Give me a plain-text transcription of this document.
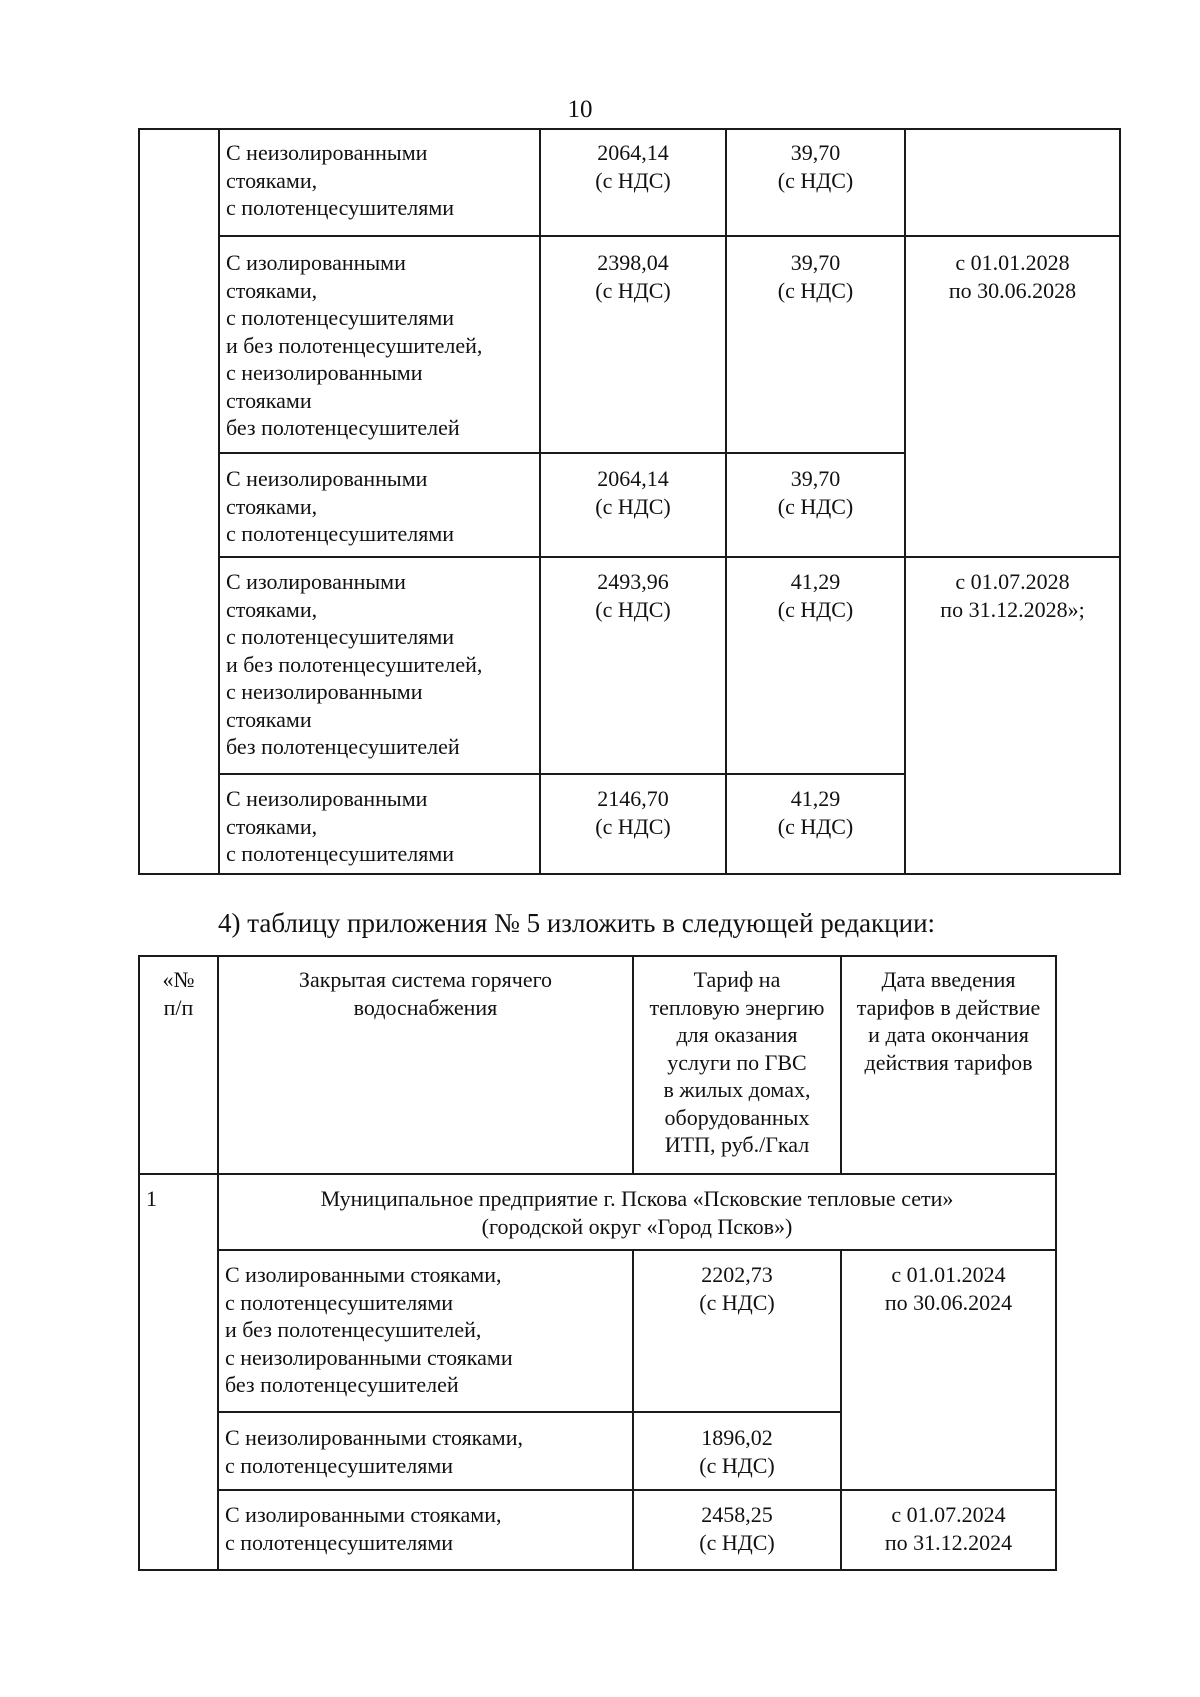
10
С неизолированными
стояками,
с полотенцесушителями
2064,14
(с НДС)
39,70
(с НДС)
С изолированными
стояками,
с полотенцесушителями
и без полотенцесушителей,
с неизолированными
стояками
без полотенцесушителей
2398,04
(с НДС)
39,70
(с НДС)
с 01.01.2028
по 30.06.2028
С неизолированными
стояками,
с полотенцесушителями
2064,14
(с НДС)
39,70
(с НДС)
С изолированными
стояками,
с полотенцесушителями
и без полотенцесушителей,
с неизолированными
стояками
без полотенцесушителей
2493,96
(с НДС)
41,29
(с НДС)
с 01.07.2028
по 31.12.2028»;
С неизолированными
стояками,
с полотенцесушителями
2146,70
(с НДС)
41,29
(с НДС)
4) таблицу приложения № 5 изложить в следующей редакции:
«№
п/п
Закрытая система горячего
водоснабжения
Тариф на
тепловую энергию
для оказания
услуги по ГВС
в жилых домах,
оборудованных
ИТП, руб./Гкал
Дата введения
тарифов в действие
и дата окончания
действия тарифов
1	Муниципальное предприятие г. Пскова «Псковские тепловые сети»
(городской округ «Город Псков»)
С изолированными стояками,
с полотенцесушителями
и без полотенцесушителей,
с неизолированными стояками
без полотенцесушителей
2202,73
(с НДС)
с 01.01.2024
по 30.06.2024
С неизолированными стояками,
с полотенцесушителями
1896,02
(с НДС)
С изолированными стояками,
с полотенцесушителями
2458,25
(с НДС)
с 01.07.2024
по 31.12.2024
